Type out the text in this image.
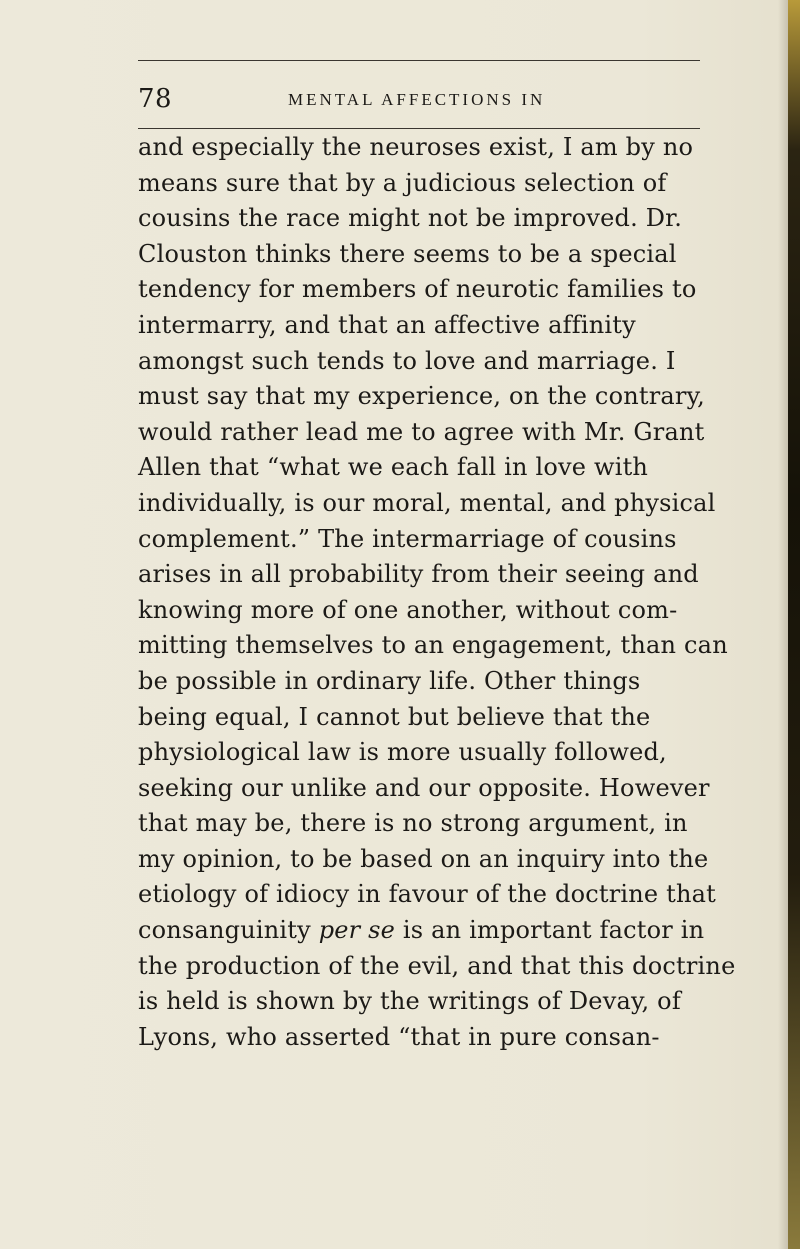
78	MENTAL AFFECTIONS IN
and especially the neuroses exist, I am by no
means sure that by a judicious selection of
cousins the race might not be improved. Dr.
Clouston thinks there seems to be a special
tendency for members of neurotic families to
intermarry, and that an affective affinity
amongst such tends to love and marriage. I
must say that my experience, on the contrary,
would rather lead me to agree with Mr. Grant
Allen that “what we each fall in love with
individually, is our moral, mental, and physical
complement.” The intermarriage of cousins
arises in all probability from their seeing and
knowing more of one another, without com-
mitting themselves to an engagement, than can
be possible in ordinary life. Other things
being equal, I cannot but believe that the
physiological law is more usually followed,
seeking our unlike and our opposite. However
that may be, there is no strong argument, in
my opinion, to be based on an inquiry into the
etiology of idiocy in favour of the doctrine that
consanguinity per se is an important factor in
the production of the evil, and that this doctrine
is held is shown by the writings of Devay, of
Lyons, who asserted “that in pure consan-
